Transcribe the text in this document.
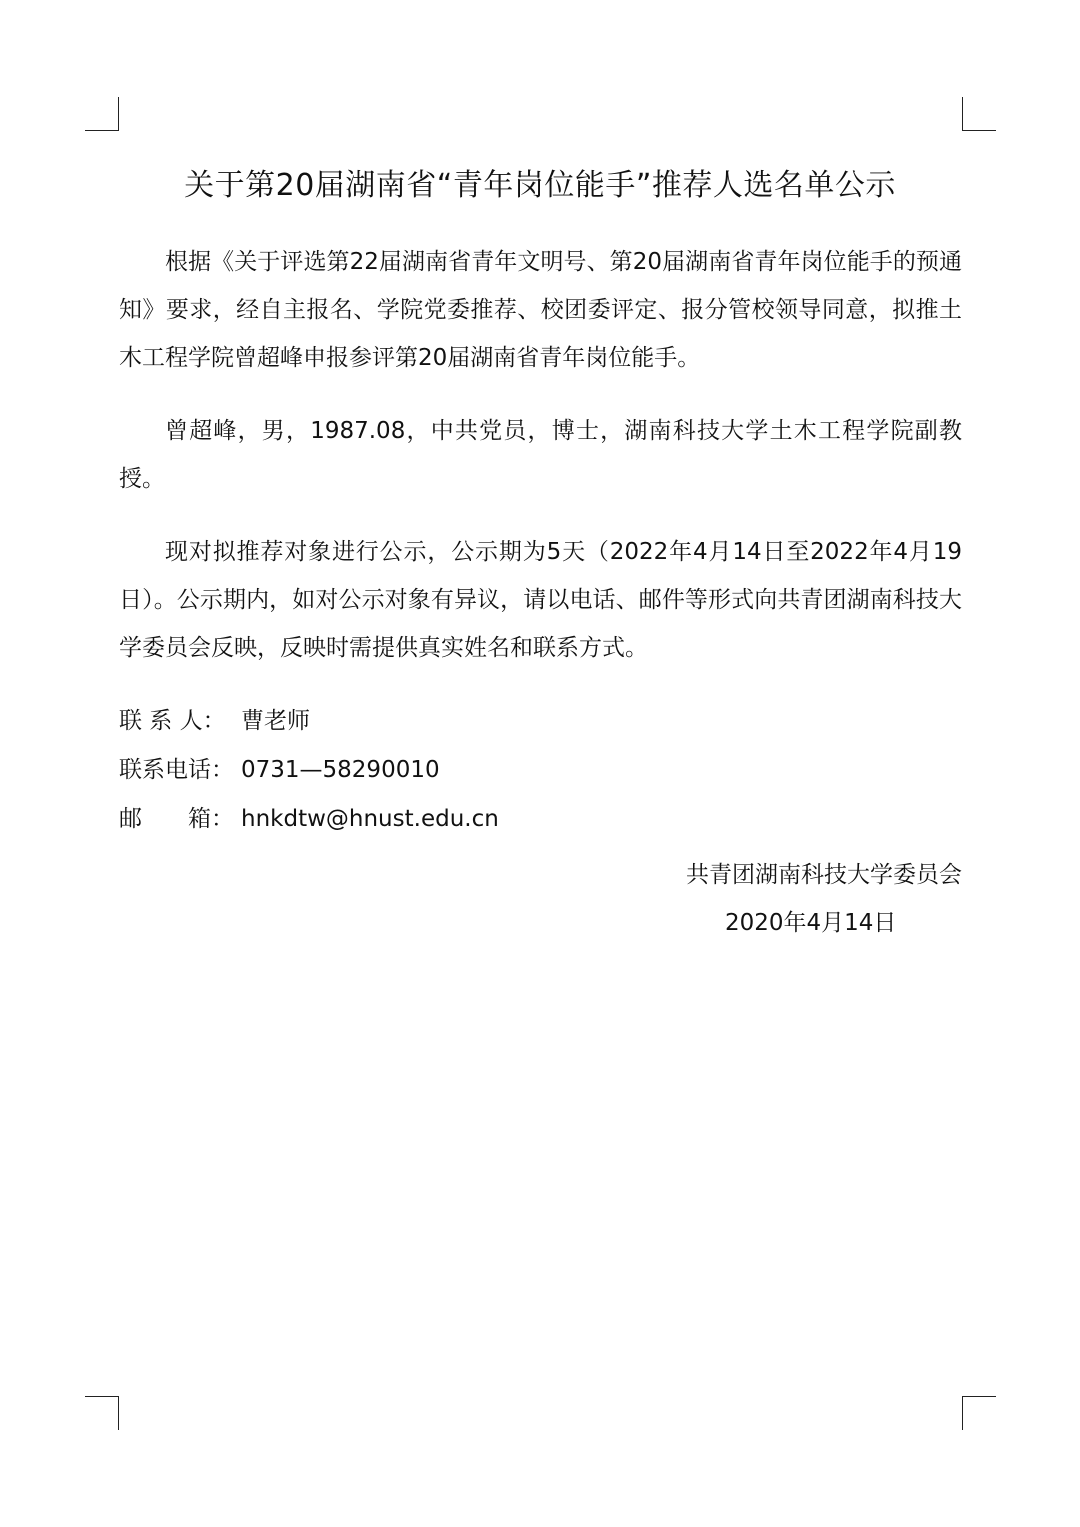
关于第20届湖南省“青年岗位能手”推荐人选名单公示

根据《关于评选第22届湖南省青年文明号、第20届湖南省青年岗位能手的预通知》要求，经自主报名、学院党委推荐、校团委评定、报分管校领导同意，拟推土木工程学院曾超峰申报参评第20届湖南省青年岗位能手。

曾超峰，男，1987.08，中共党员，博士，湖南科技大学土木工程学院副教授。

现对拟推荐对象进行公示，公示期为5天（2022年4月14日至2022年4月19日）。公示期内，如对公示对象有异议，请以电话、邮件等形式向共青团湖南科技大学委员会反映，反映时需提供真实姓名和联系方式。

联 系 人： 曹老师
联系电话： 0731—58290010
邮　　箱： hnkdtw@hnust.edu.cn
共青团湖南科技大学委员会
2020年4月14日
